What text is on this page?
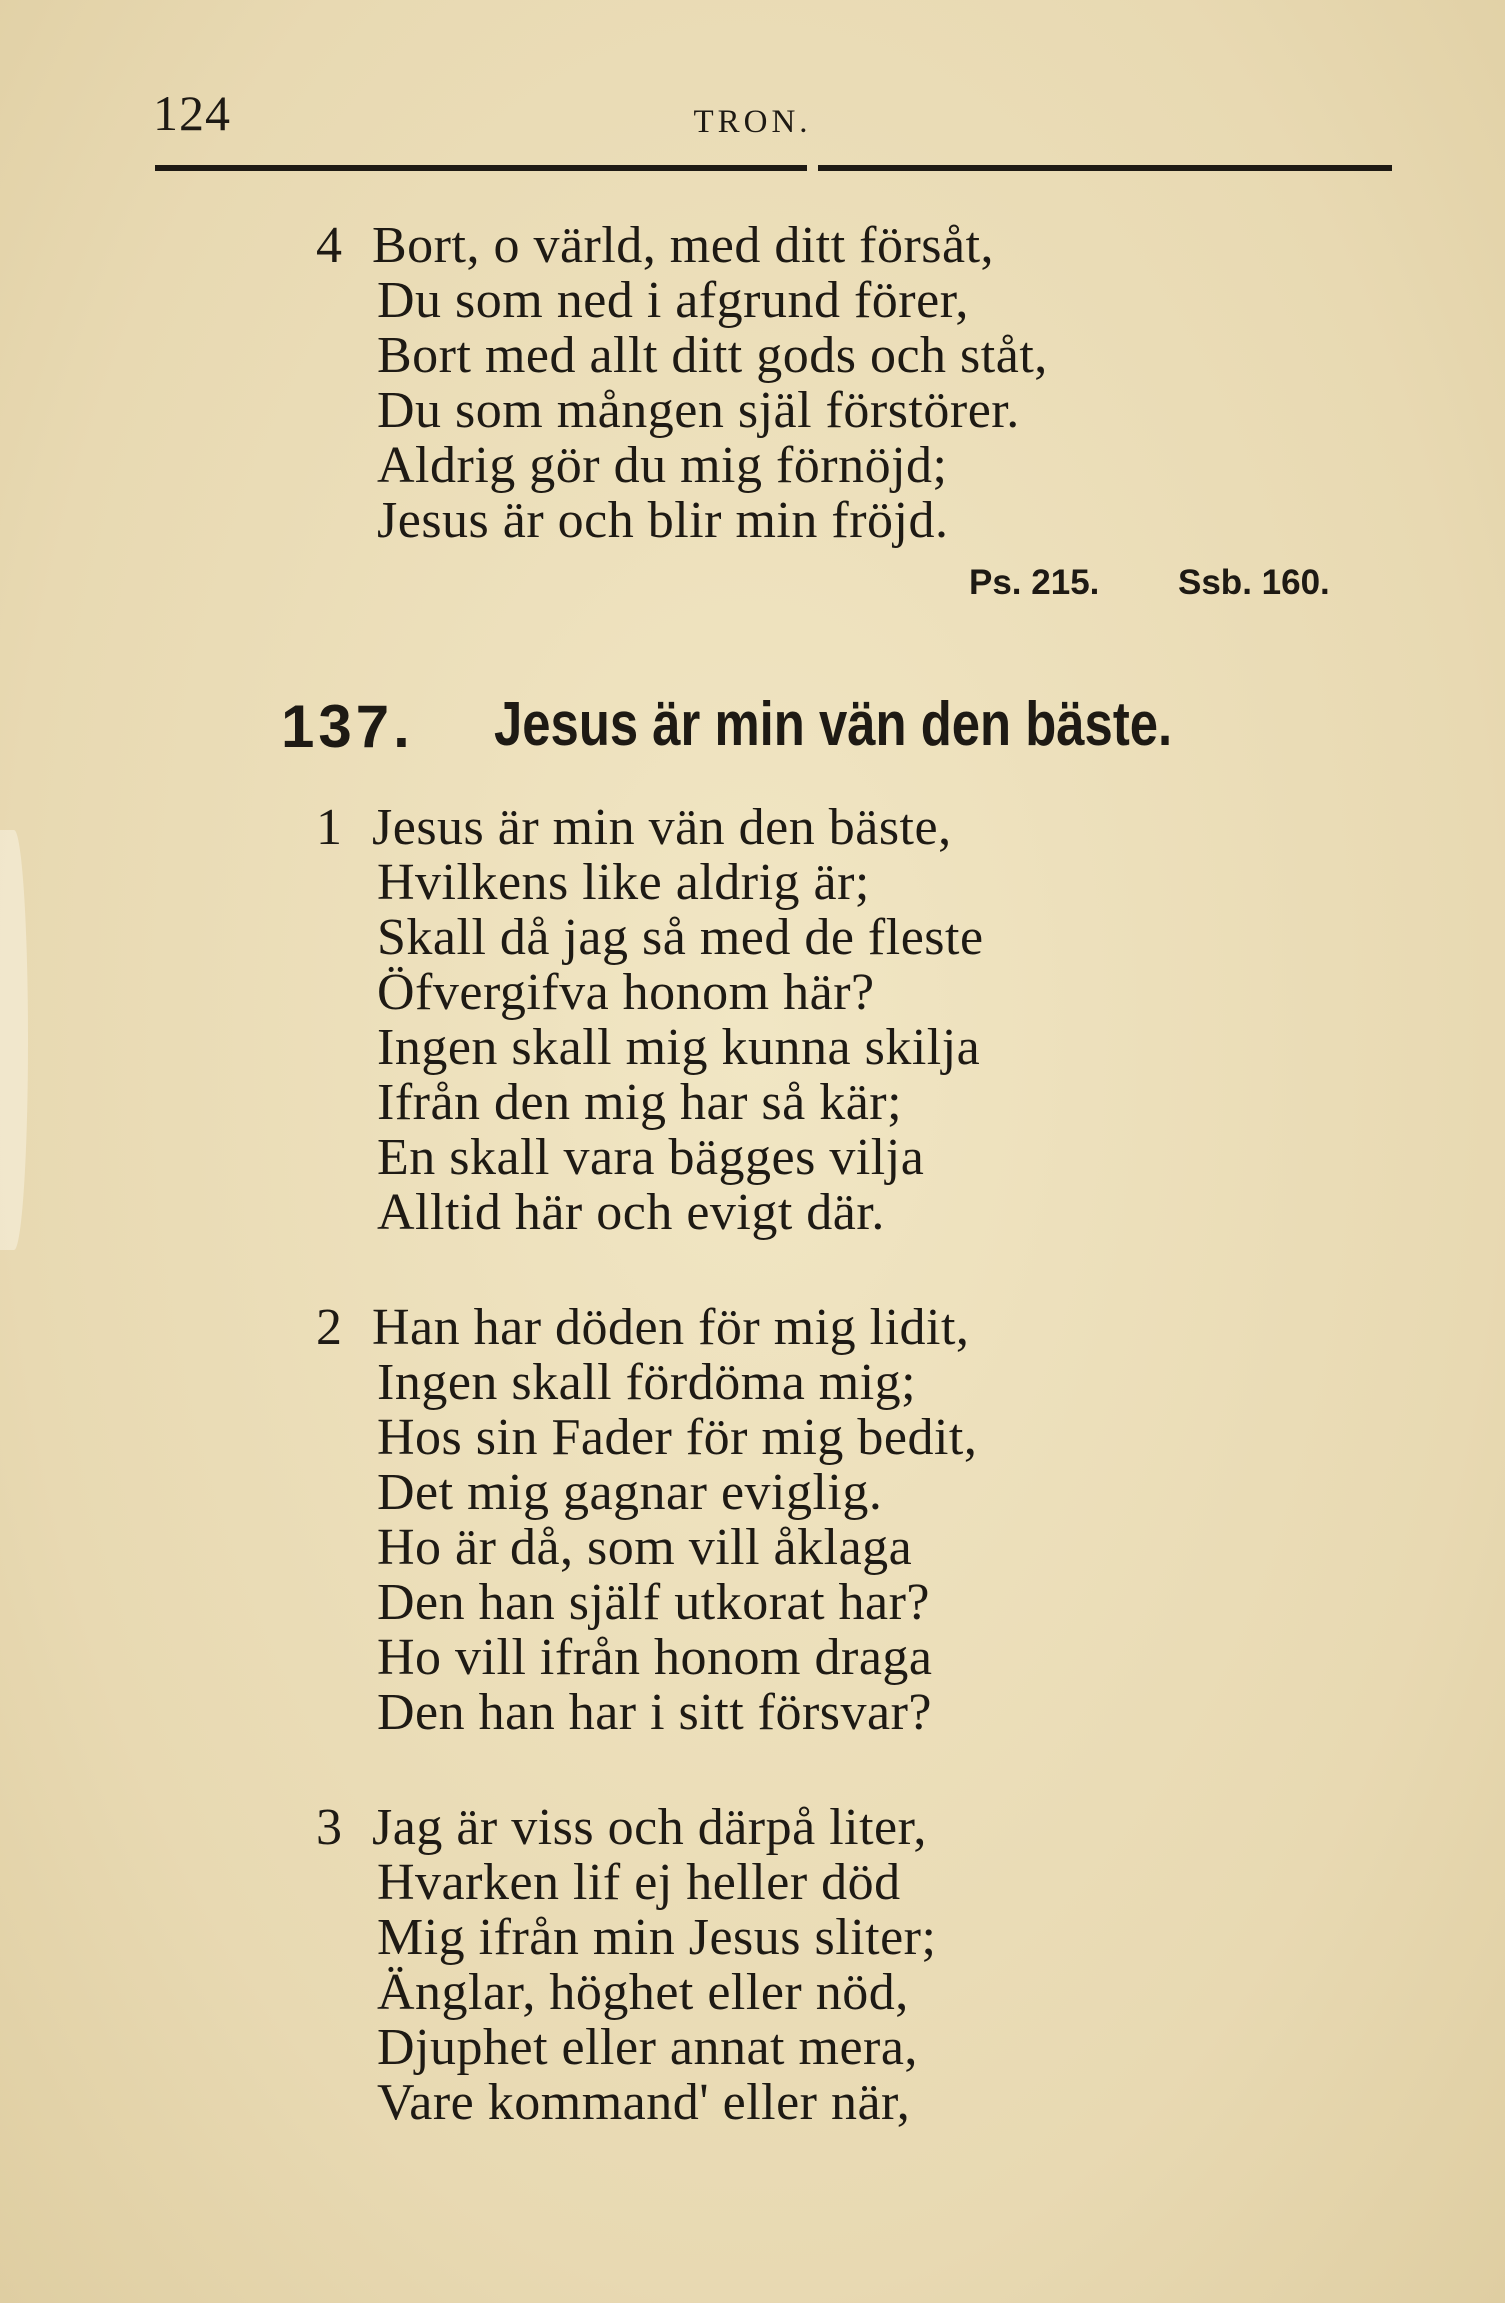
124	TRON.
4 Bort, o värld, med ditt försåt,
Du som ned i afgrund förer,
Bort med allt ditt gods och ståt,
Du som mången själ förstörer.
Aldrig gör du mig förnöjd;
Jesus är och blir min fröjd.
Ps. 215. Ssb. 160.
137. Jesus är min vän den bäste.
1 Jesus är min vän den bäste,
Hvilkens like aldrig är;
Skall då jag så med de fleste
Öfvergifva honom här?
Ingen skall mig kunna skilja
Ifrån den mig har så kär;
En skall vara bägges vilja
Alltid här och evigt där.
2 Han har döden för mig lidit,
Ingen skall fördöma mig;
Hos sin Fader för mig bedit,
Det mig gagnar eviglig.
Ho är då, som vill åklaga
Den han själf utkorat har?
Ho vill ifrån honom draga
Den han har i sitt försvar?
3 Jag är viss och därpå liter,
Hvarken lif ej heller död
Mig ifrån min Jesus sliter;
Änglar, höghet eller nöd,
Djuphet eller annat mera,
Vare kommand' eller när,
